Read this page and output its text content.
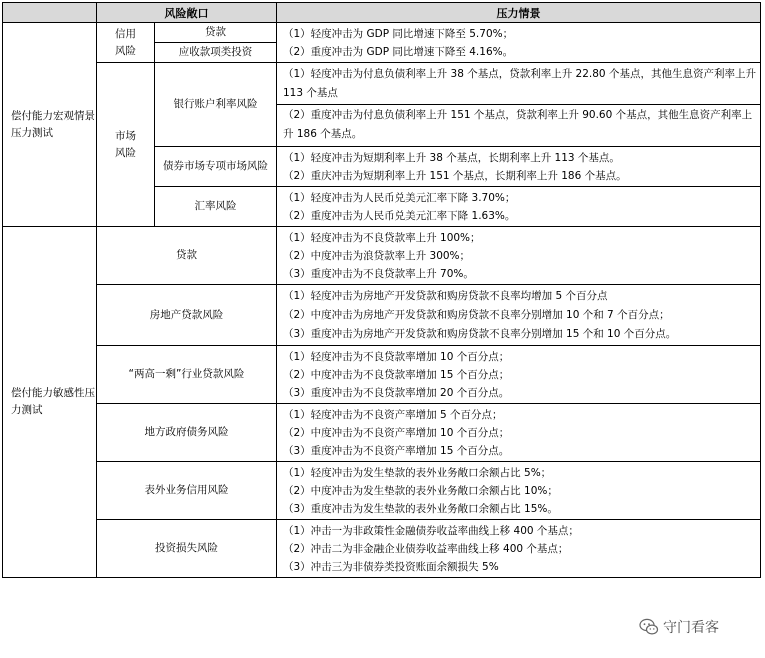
	风险敞口		压力情景
偿付能力宏观情景压力测试	信用风险	贷款	（1）轻度冲击为 GDP 同比增速下降至 5.70%；
（2）重度冲击为 GDP 同比增速下降至 4.16%。

		应收款项类投资	
	市场风险	银行账户利率风险	（1）轻度冲击为付息负债利率上升 38 个基点，贷款利率上升 22.80 个基点，其他生息资产利率上升 113 个基点

			（2）重度冲击为付息负债利率上升 151 个基点，贷款利率上升 90.60 个基点，其他生息资产利率上升 186 个基点。

		债券市场专项市场风险	（1）轻度冲击为短期利率上升 38 个基点，长期利率上升 113 个基点。
（2）重庆冲击为短期利率上升 151 个基点，长期利率上升 186 个基点。

		汇率风险	（1）轻度冲击为人民币兑美元汇率下降 3.70%；
（2）重度冲击为人民币兑美元汇率下降 1.63%。

偿付能力敏感性压力测试	贷款		（1）轻度冲击为不良贷款率上升 100%；
（2）中度冲击为浪贷款率上升 300%；
（3）重度冲击为不良贷款率上升 70%。

	房地产贷款风险		（1）轻度冲击为房地产开发贷款和购房贷款不良率均增加 5 个百分点
（2）中度冲击为房地产开发贷款和购房贷款不良率分别增加 10 个和 7 个百分点；
（3）重度冲击为房地产开发贷款和购房贷款不良率分别增加 15 个和 10 个百分点。

	“两高一剩”行业贷款风险		（1）轻度冲击为不良贷款率增加 10 个百分点；
（2）中度冲击为不良贷款率增加 15 个百分点；
（3）重度冲击为不良贷款率增加 20 个百分点。

	地方政府债务风险		（1）轻度冲击为不良资产率增加 5 个百分点；
（2）中度冲击为不良资产率增加 10 个百分点；
（3）重度冲击为不良资产率增加 15 个百分点。

	表外业务信用风险		（1）轻度冲击为发生垫款的表外业务敞口余额占比 5%；
（2）中度冲击为发生垫款的表外业务敞口余额占比 10%；
（3）重度冲击为发生垫款的表外业务敞口余额占比 15%。

	投资损失风险		（1）冲击一为非政策性金融债券收益率曲线上移 400 个基点；
（2）冲击二为非金融企业债券收益率曲线上移 400 个基点；
（3）冲击三为非债券类投资账面余额损失 5%
守门看客
